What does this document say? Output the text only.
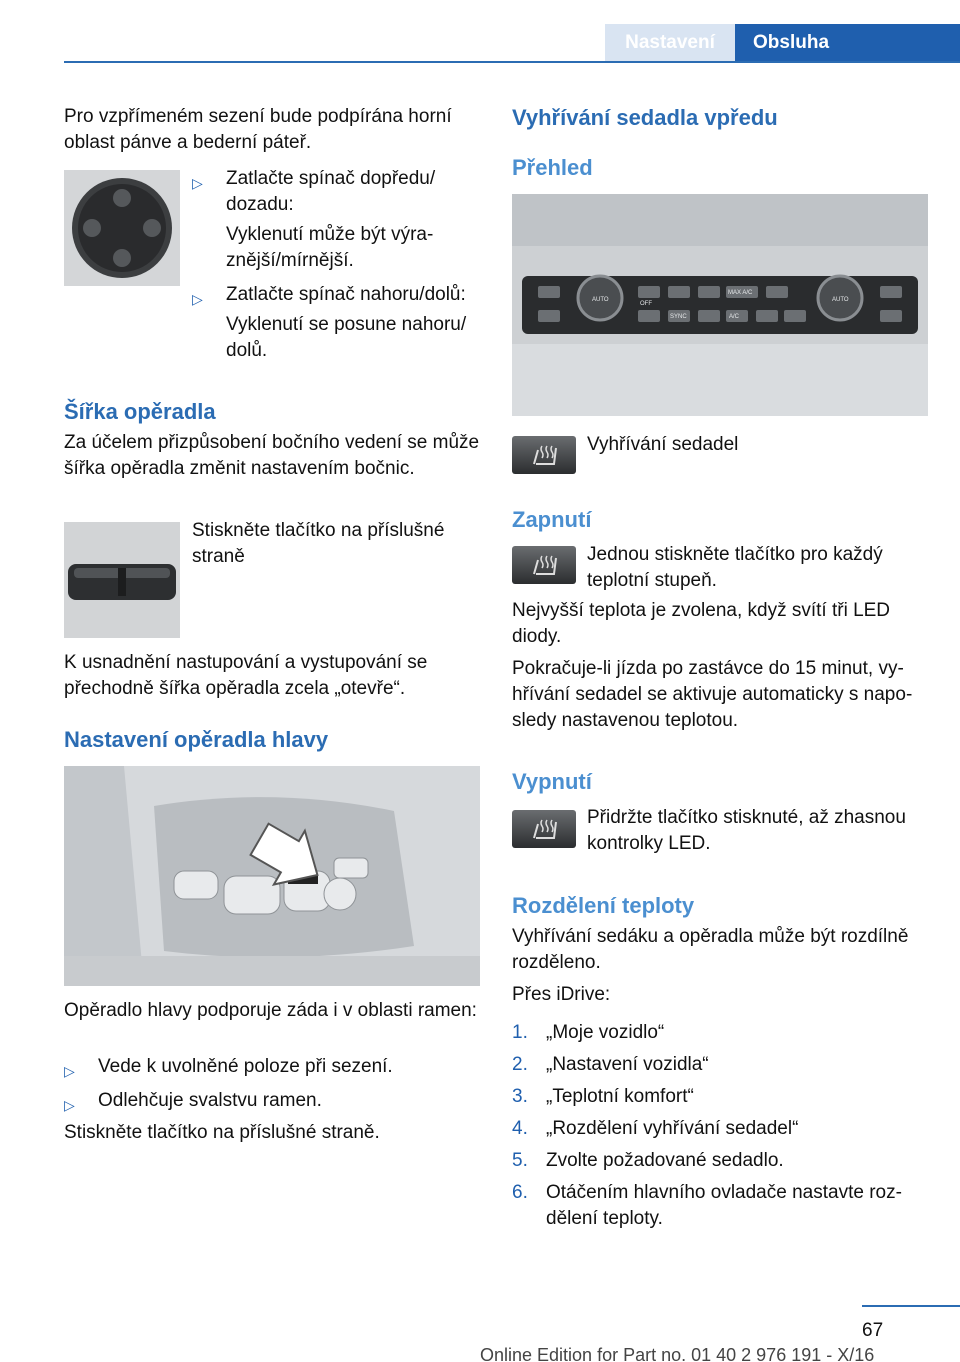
Nastavení	Obsluha

Pro vzpřímeném sezení bude podpírána horní oblast pánve a bederní páteř.

▷ Zatlačte spínač dopředu/ dozadu:

Vyklenutí může být výraznější/mírnější.

▷ Zatlačte spínač nahoru/dolů:

Vyklenutí se posune nahoru/ dolů.

Šířka opěradla

Za účelem přizpůsobení bočního vedení se může šířka opěradla změnit nastavením bočnic.

Stiskněte tlačítko na příslušné straně

K usnadnění nastupování a vystupování se přechodně šířka opěradla zcela „otevře“.

Nastavení opěradla hlavy

Opěradlo hlavy podporuje záda i v oblasti ramen:

▷ Vede k uvolněné poloze při sezení.

▷ Odlehčuje svalstvu ramen.

Stiskněte tlačítko na příslušné straně.

Vyhřívání sedadla vpředu
Přehled
AUTO
MAX A/C
SYNC	A/C
OFF
AUTO

Vyhřívání sedadel

Zapnutí

Jednou stiskněte tlačítko pro každý teplotní stupeň.

Nejvyšší teplota je zvolena, když svítí tři LED diody.

Pokračuje-li jízda po zastávce do 15 minut, vyhřívání sedadel se aktivuje automaticky s naposledy nastavenou teplotou.

Vypnutí

Přidržte tlačítko stisknuté, až zhasnou kontrolky LED.

Rozdělení teploty

Vyhřívání sedáku a opěradla může být rozdílně rozděleno.

Přes iDrive:

1. „Moje vozidlo“

2. „Nastavení vozidla“

3. „Teplotní komfort“

4. „Rozdělení vyhřívání sedadel“

5. Zvolte požadované sedadlo.

6. Otáčením hlavního ovladače nastavte rozdělení teploty.

67
Online Edition for Part no. 01 40 2 976 191 - X/16
